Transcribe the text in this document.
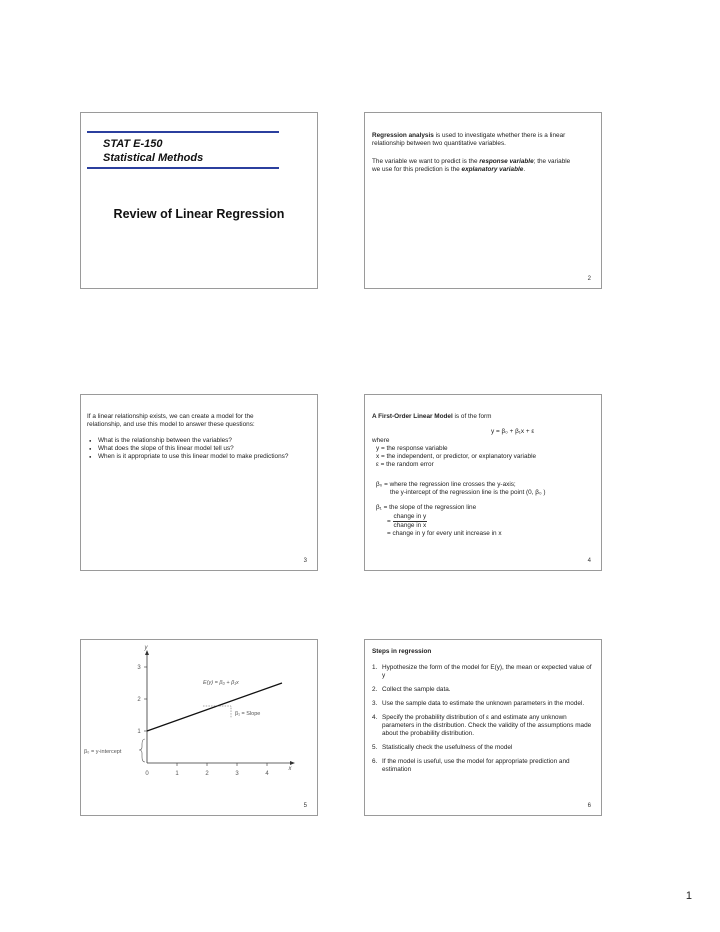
STAT E-150
Statistical Methods
Review of Linear Regression
Regression analysis is used to investigate whether there is a linear
relationship between two quantitative variables.
The variable we want to predict is the response variable; the variable
we use for this prediction is the explanatory variable.
2
If a linear relationship exists, we can create a model for the
relationship, and use this model to answer these questions:
● What is the relationship between the variables?
● What does the slope of this linear model tell us?
● When is it appropriate to use this linear model to make predictions?
3
A First-Order Linear Model is of the form
y = β₀ + β₁x + ε
where
y = the response variable
x = the independent, or predictor, or explanatory variable
ε = the random error
β₀ = where the regression line crosses the y-axis;
the y-intercept of the regression line is the point (0, β₀ )
β₁ = the slope of the regression line
= $\frac{\text{change in y}}{\text{change in x}}$
= change in y for every unit increase in x
4
y
x
1
2
3
0	1	2	3	4
β₁ = Slope
E(y) = β₀ + β₁x
β₀ = y-intercept
5
Steps in regression
1. Hypothesize the form of the model for E(y), the mean or expected value of y
2. Collect the sample data.
3. Use the sample data to estimate the unknown parameters in the model.
4. Specify the probability distribution of ε and estimate any unknown parameters in the distribution. Check the validity of the assumptions made about the probability distribution.
5. Statistically check the usefulness of the model
6. If the model is useful, use the model for appropriate prediction and estimation
6
1
